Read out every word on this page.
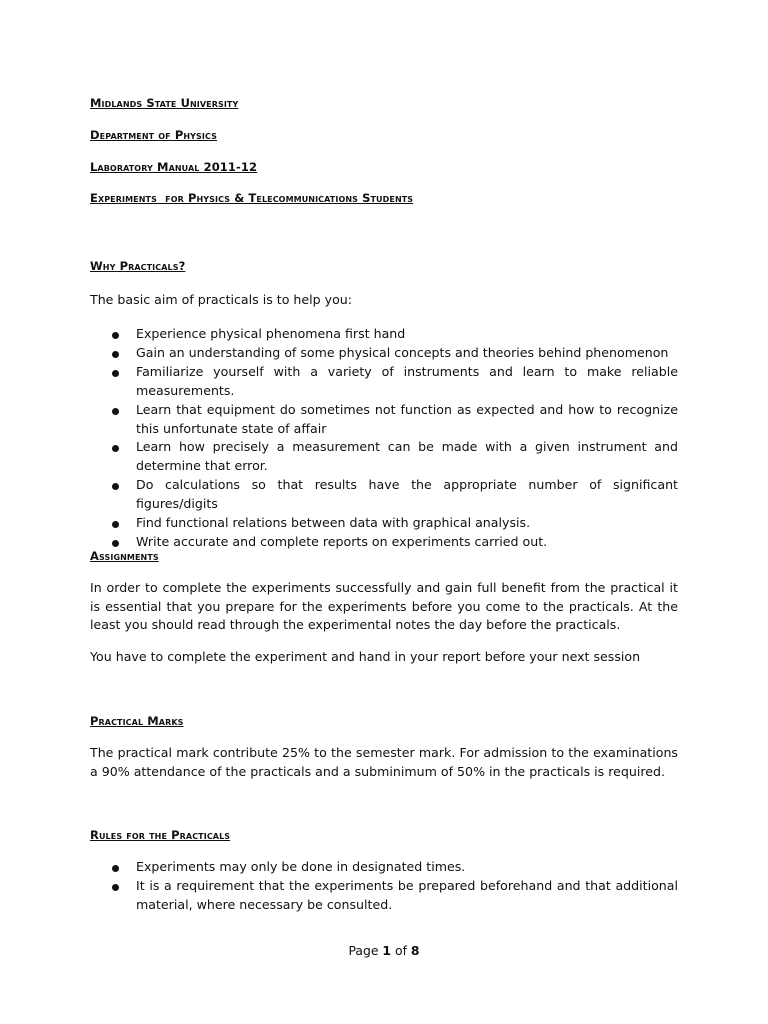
Midlands State University
Department of Physics
Laboratory Manual 2011-12
Experiments  for Physics & Telecommunications Students
Why Practicals?

The basic aim of practicals is to help you:

Experience physical phenomena first hand
Gain an understanding of some physical concepts and theories behind phenomenon
Familiarize yourself with a variety of instruments and learn to make reliable measurements.
Learn that equipment do sometimes not function as expected and how to recognize this unfortunate state of affair
Learn how precisely a measurement can be made with a given instrument and determine that error.
Do calculations so that results have the appropriate number of significant figures/digits
Find functional relations between data with graphical analysis.
Write accurate and complete reports on experiments carried out.
Assignments

In order to complete the experiments successfully and gain full benefit from the practical it is essential that you prepare for the experiments before you come to the practicals. At the least you should read through the experimental notes the day before the practicals.

You have to complete the experiment and hand in your report before your next session

Practical Marks

The practical mark contribute 25% to the semester mark. For admission to the examinations a 90% attendance of the practicals and a subminimum of 50% in the practicals is required.

Rules for the Practicals
Experiments may only be done in designated times.
It is a requirement that the experiments be prepared beforehand and that additional material, where necessary be consulted.
Page 1 of 8
